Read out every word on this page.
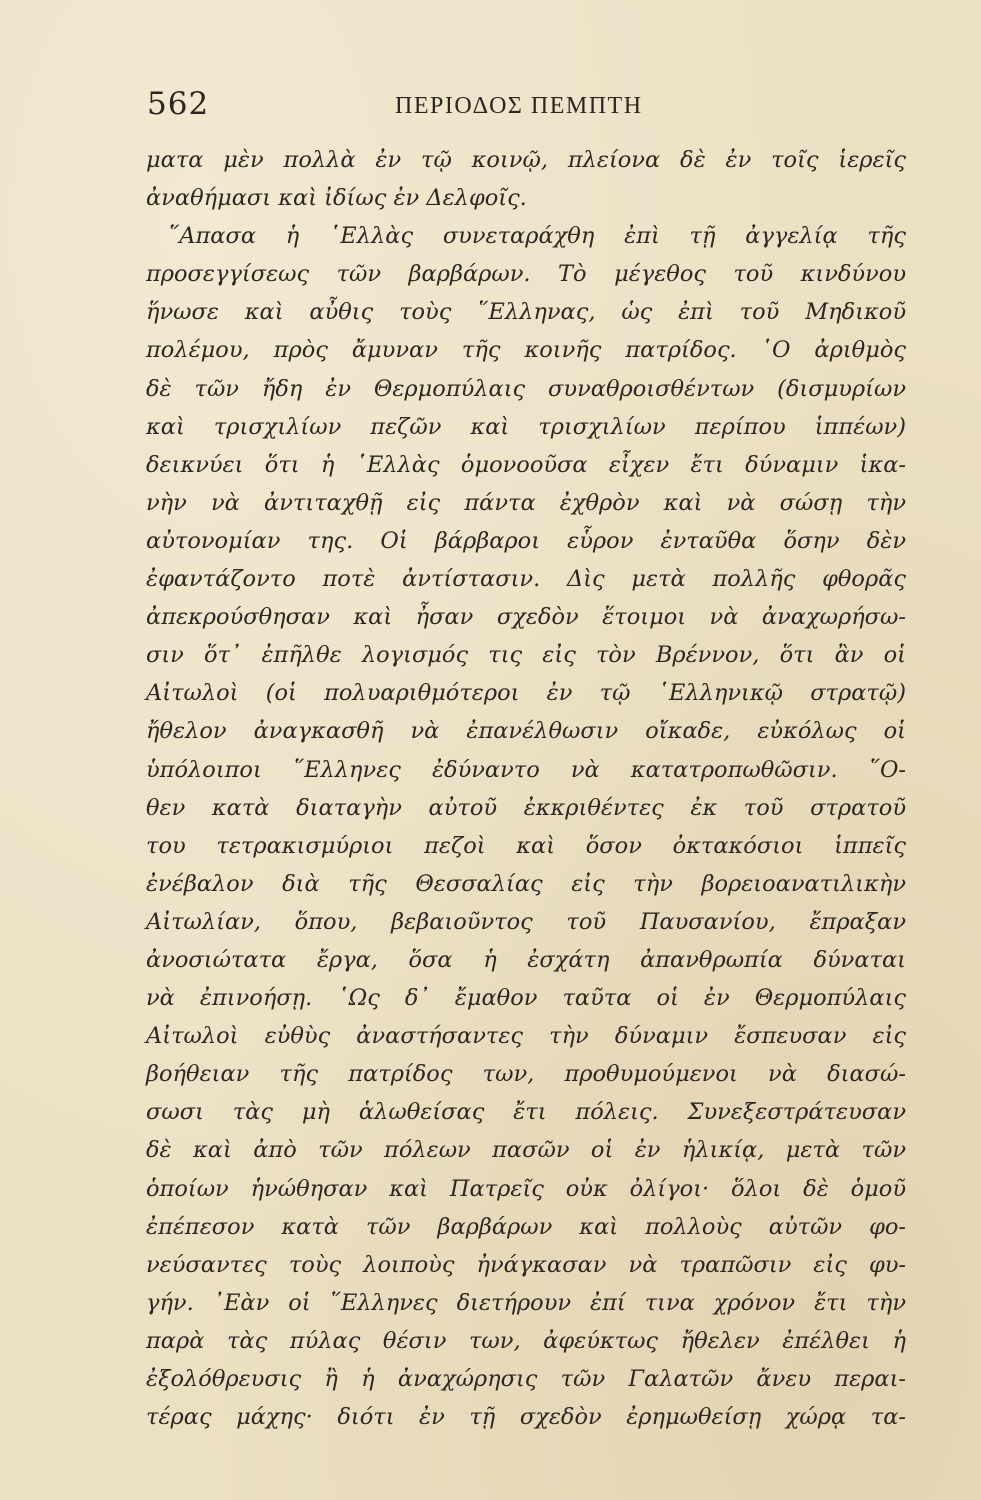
562	ΠΕΡΙΟΔΟΣ ΠΕΜΠΤΗ
ματα μὲν πολλὰ ἐν τῷ κοινῷ, πλείονα δὲ ἐν τοῖς ἱερεῖς
ἀναθήμασι καὶ ἰδίως ἐν Δελφοῖς.
῞Απασα ἡ ῾Ελλὰς συνεταράχθη ἐπὶ τῇ ἀγγελίᾳ τῆς
προσεγγίσεως τῶν βαρβάρων. Τὸ μέγεθος τοῦ κινδύνου
ἥνωσε καὶ αὖθις τοὺς ῞Ελληνας, ὡς ἐπὶ τοῦ Μηδικοῦ
πολέμου, πρὸς ἄμυναν τῆς κοινῆς πατρίδος. ῾Ο ἀριθμὸς
δὲ τῶν ἤδη ἐν Θερμοπύλαις συναθροισθέντων (δισμυρίων
καὶ τρισχιλίων πεζῶν καὶ τρισχιλίων περίπου ἱππέων)
δεικνύει ὅτι ἡ ῾Ελλὰς ὁμονοοῦσα εἶχεν ἔτι δύναμιν ἱκα-
νὴν νὰ ἀντιταχθῇ εἰς πάντα ἐχθρὸν καὶ νὰ σώσῃ τὴν
αὐτονομίαν της. Οἱ βάρβαροι εὗρον ἐνταῦθα ὅσην δὲν
ἐφαντάζοντο ποτὲ ἀντίστασιν. Δὶς μετὰ πολλῆς φθορᾶς
ἀπεκρούσθησαν καὶ ἦσαν σχεδὸν ἕτοιμοι νὰ ἀναχωρήσω-
σιν ὅτ᾽ ἐπῆλθε λογισμός τις εἰς τὸν Βρέννον, ὅτι ἂν οἱ
Αἰτωλοὶ (οἱ πολυαριθμότεροι ἐν τῷ ῾Ελληνικῷ στρατῷ)
ἤθελον ἀναγκασθῆ νὰ ἐπανέλθωσιν οἴκαδε, εὐκόλως οἱ
ὑπόλοιποι ῞Ελληνες ἐδύναντο νὰ κατατροπωθῶσιν. ῞Ο-
θεν κατὰ διαταγὴν αὐτοῦ ἐκκριθέντες ἐκ τοῦ στρατοῦ
του τετρακισμύριοι πεζοὶ καὶ ὅσον ὀκτακόσιοι ἱππεῖς
ἐνέβαλον διὰ τῆς Θεσσαλίας εἰς τὴν βορειοανατιλικὴν
Αἰτωλίαν, ὅπου, βεβαιοῦντος τοῦ Παυσανίου, ἔπραξαν
ἀνοσιώτατα ἔργα, ὅσα ἡ ἐσχάτη ἀπανθρωπία δύναται
νὰ ἐπινοήσῃ. ῾Ως δ᾽ ἔμαθον ταῦτα οἱ ἐν Θερμοπύλαις
Αἰτωλοὶ εὐθὺς ἀναστήσαντες τὴν δύναμιν ἔσπευσαν εἰς
βοήθειαν τῆς πατρίδος των, προθυμούμενοι νὰ διασώ-
σωσι τὰς μὴ ἁλωθείσας ἔτι πόλεις. Συνεξεστράτευσαν
δὲ καὶ ἀπὸ τῶν πόλεων πασῶν οἱ ἐν ἡλικίᾳ, μετὰ τῶν
ὁποίων ἡνώθησαν καὶ Πατρεῖς οὐκ ὀλίγοι· ὅλοι δὲ ὁμοῦ
ἐπέπεσον κατὰ τῶν βαρβάρων καὶ πολλοὺς αὐτῶν φο-
νεύσαντες τοὺς λοιποὺς ἠνάγκασαν νὰ τραπῶσιν εἰς φυ-
γήν. ᾽Εὰν οἱ ῞Ελληνες διετήρουν ἐπί τινα χρόνον ἔτι τὴν
παρὰ τὰς πύλας θέσιν των, ἀφεύκτως ἤθελεν ἐπέλθει ἡ
ἐξολόθρευσις ἢ ἡ ἀναχώρησις τῶν Γαλατῶν ἄνευ περαι-
τέρας μάχης· διότι ἐν τῇ σχεδὸν ἐρημωθείσῃ χώρᾳ τα-
